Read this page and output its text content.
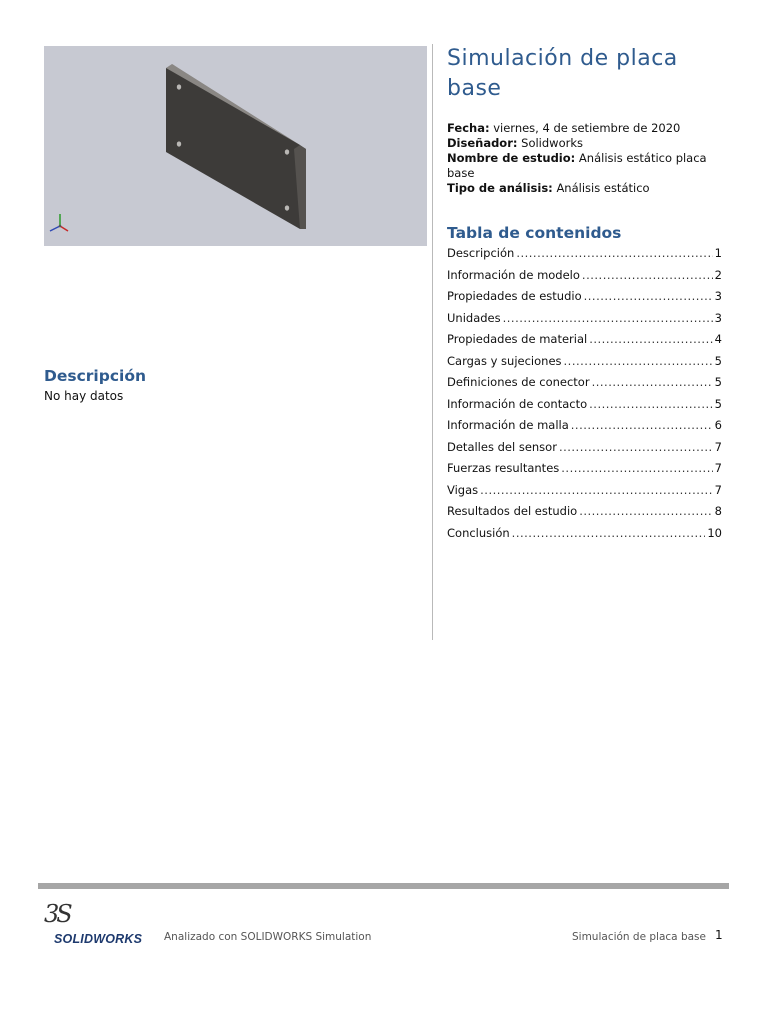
Simulación de placa base
Fecha: viernes, 4 de setiembre de 2020
Diseñador: Solidworks
Nombre de estudio: Análisis estático placa base
Tipo de análisis: Análisis estático
Tabla de contenidos
Descripción .....	1
Información de modelo .....	2
Propiedades de estudio .....	3
Unidades .....	3
Propiedades de material .....	4
Cargas y sujeciones .....	5
Definiciones de conector .....	5
Información de contacto .....	5
Información de malla .....	6
Detalles del sensor .....	7
Fuerzas resultantes .....	7
Vigas .....	7
Resultados del estudio .....	8
Conclusión .....	10
Descripción
No hay datos
3S
SOLIDWORKS Analizado con SOLIDWORKS Simulation	Simulación de placa base 1
